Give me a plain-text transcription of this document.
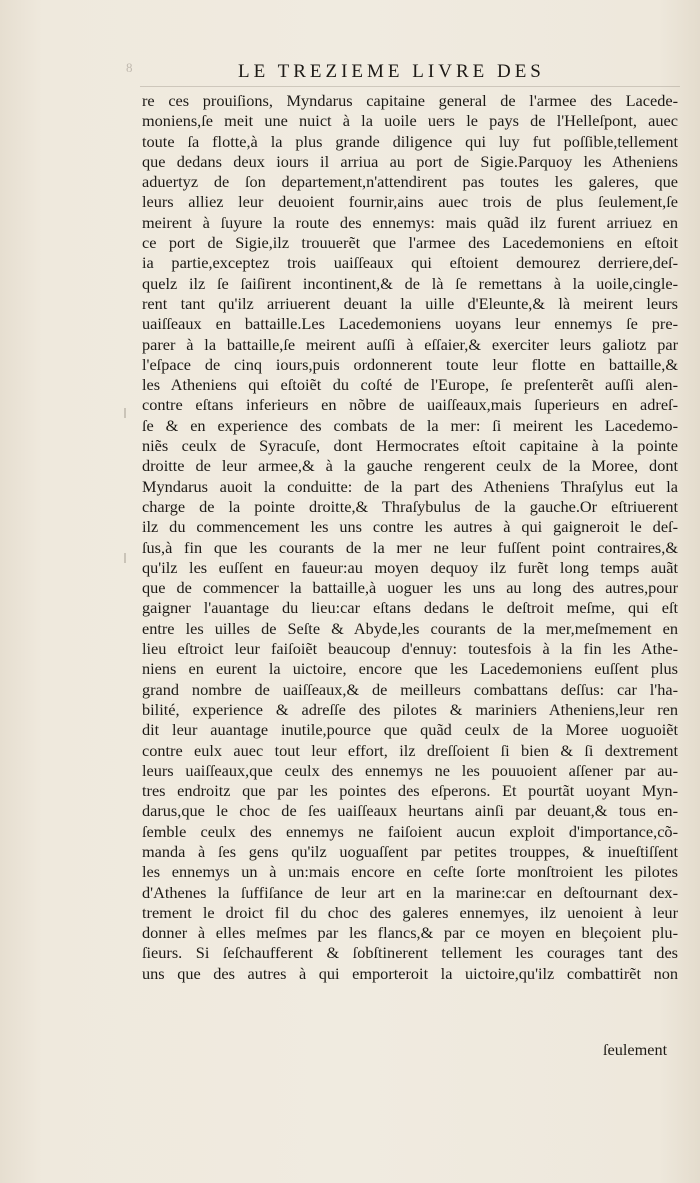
8	LE TREZIEME LIVRE DES
re ces prouiſions, Myndarus capitaine general de l'armee des Lacede-
moniens,ſe meit une nuict à la uoile uers le pays de l'Helleſpont, auec
toute ſa flotte,à la plus grande diligence qui luy fut poſſible,tellement
que dedans deux iours il arriua au port de Sigie.Parquoy les Atheniens
aduertyz de ſon departement,n'attendirent pas toutes les galeres, que
leurs alliez leur deuoient fournir,ains auec trois de plus ſeulement,ſe
meirent à ſuyure la route des ennemys: mais quãd ilz furent arriuez en
ce port de Sigie,ilz trouuerẽt que l'armee des Lacedemoniens en eſtoit
ia partie,exceptez trois uaiſſeaux qui eſtoient demourez derriere,deſ-
quelz ilz ſe ſaiſirent incontinent,& de là ſe remettans à la uoile,cingle-
rent tant qu'ilz arriuerent deuant la uille d'Eleunte,& là meirent leurs
uaiſſeaux en battaille.Les Lacedemoniens uoyans leur ennemys ſe pre-
parer à la battaille,ſe meirent auſſi à eſſaier,& exerciter leurs galiotz par
l'eſpace de cinq iours,puis ordonnerent toute leur flotte en battaille,&
les Atheniens qui eſtoiẽt du coſté de l'Europe, ſe preſenterẽt auſſi alen-
contre eſtans inferieurs en nõbre de uaiſſeaux,mais ſuperieurs en adreſ-
ſe & en experience des combats de la mer: ſi meirent les Lacedemo-
niẽs ceulx de Syracuſe, dont Hermocrates eſtoit capitaine à la pointe
droitte de leur armee,& à la gauche rengerent ceulx de la Moree, dont
Myndarus auoit la conduitte: de la part des Atheniens Thraſylus eut la
charge de la pointe droitte,& Thraſybulus de la gauche.Or eſtriuerent
ilz du commencement les uns contre les autres à qui gaigneroit le deſ-
ſus,à fin que les courants de la mer ne leur fuſſent point contraires,&
qu'ilz les euſſent en faueur:au moyen dequoy ilz furẽt long temps auãt
que de commencer la battaille,à uoguer les uns au long des autres,pour
gaigner l'auantage du lieu:car eſtans dedans le deſtroit meſme, qui eſt
entre les uilles de Seſte & Abyde,les courants de la mer,meſmement en
lieu eſtroict leur faiſoiẽt beaucoup d'ennuy: toutesfois à la fin les Athe-
niens en eurent la uictoire, encore que les Lacedemoniens euſſent plus
grand nombre de uaiſſeaux,& de meilleurs combattans deſſus: car l'ha-
bilité, experience & adreſſe des pilotes & mariniers Atheniens,leur ren
dit leur auantage inutile,pource que quãd ceulx de la Moree uoguoiẽt
contre eulx auec tout leur effort, ilz dreſſoient ſi bien & ſi dextrement
leurs uaiſſeaux,que ceulx des ennemys ne les pouuoient aſſener par au-
tres endroitz que par les pointes des eſperons. Et pourtãt uoyant Myn-
darus,que le choc de ſes uaiſſeaux heurtans ainſi par deuant,& tous en-
ſemble ceulx des ennemys ne faiſoient aucun exploit d'importance,cõ-
manda à ſes gens qu'ilz uoguaſſent par petites trouppes, & inueſtiſſent
les ennemys un à un:mais encore en ceſte ſorte monſtroient les pilotes
d'Athenes la ſuffiſance de leur art en la marine:car en deſtournant dex-
trement le droict fil du choc des galeres ennemyes, ilz uenoient à leur
donner à elles meſmes par les flancs,& par ce moyen en bleçoient plu-
ſieurs. Si ſeſchaufferent & ſobſtinerent tellement les courages tant des
uns que des autres à qui emporteroit la uictoire,qu'ilz combattirẽt non
ſeulement
